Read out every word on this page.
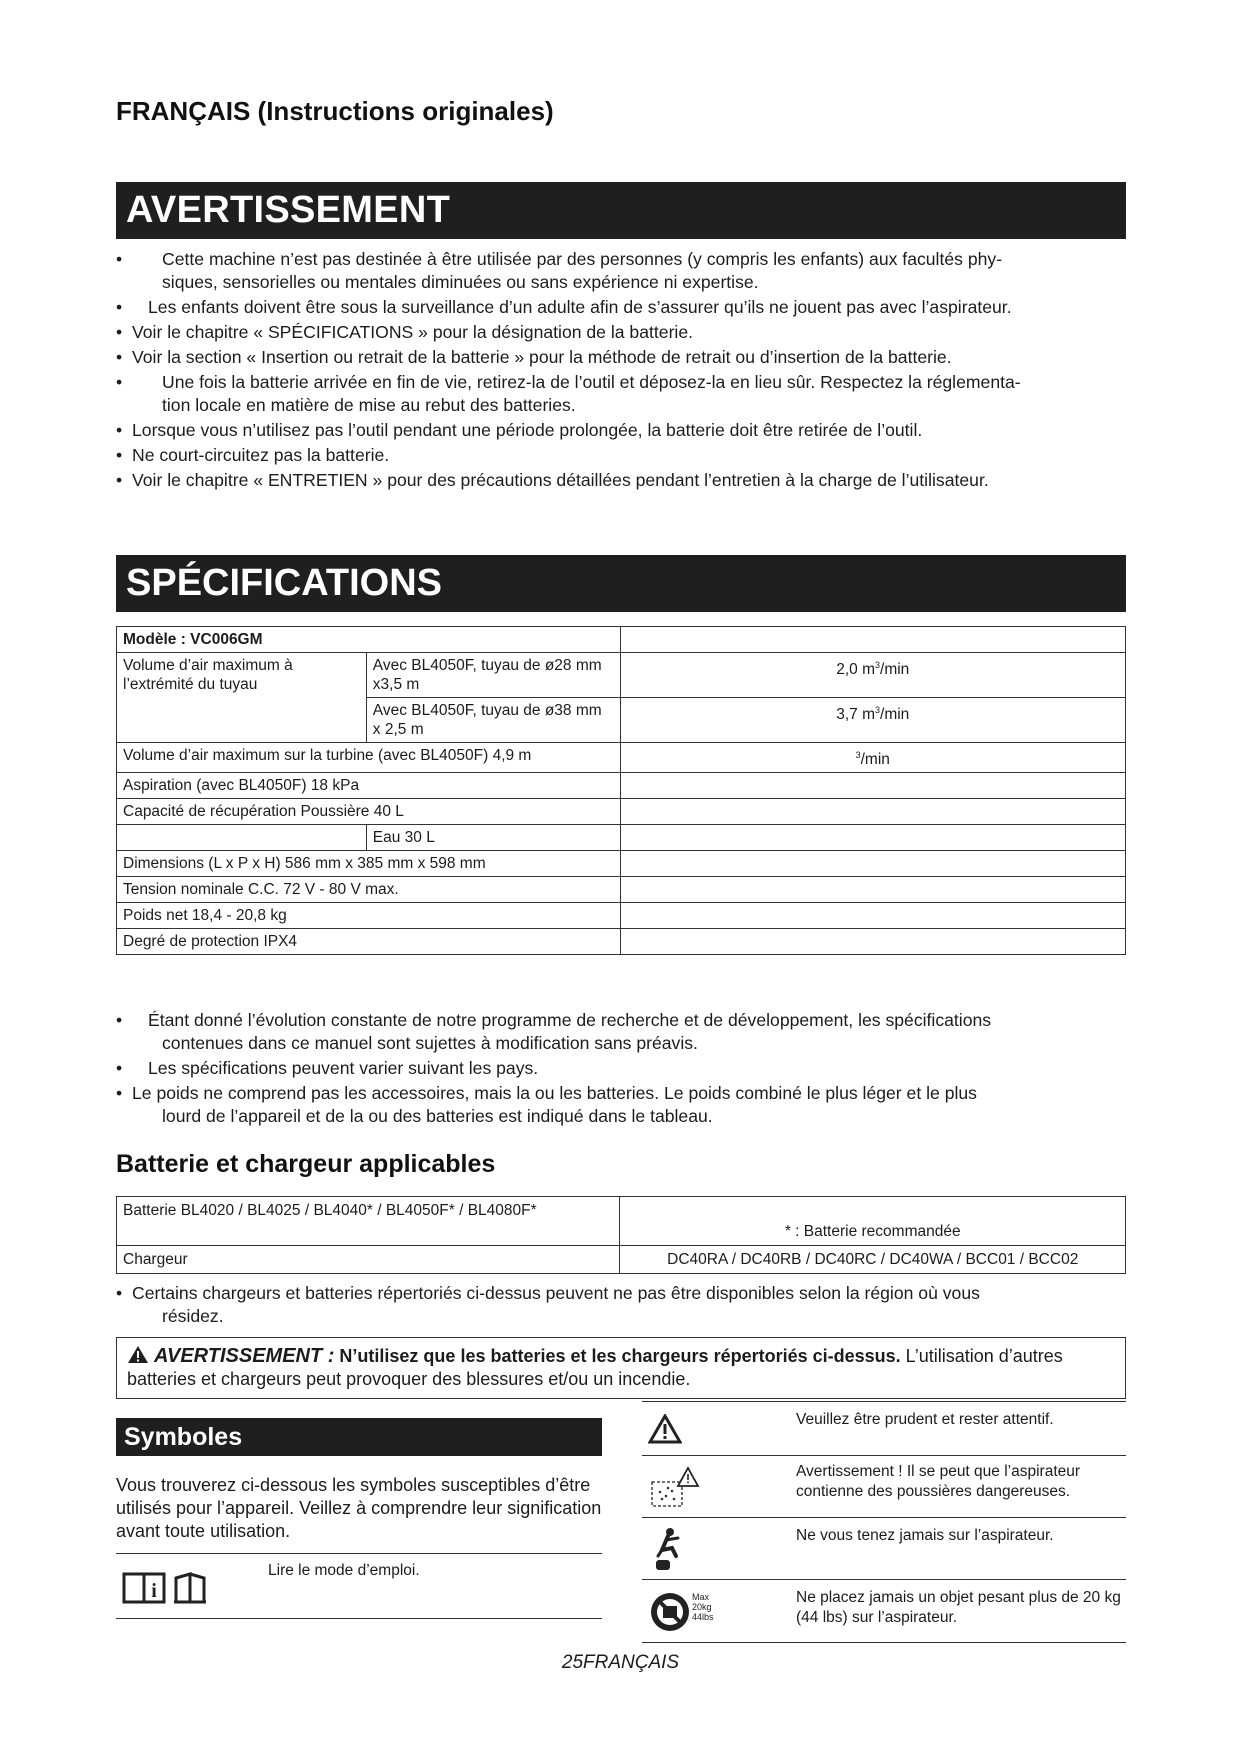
FRANÇAIS (Instructions originales)
AVERTISSEMENT
• Cette machine n’est pas destinée à être utilisée par des personnes (y compris les enfants) aux facultés phy-
siques, sensorielles ou mentales diminuées ou sans expérience ni expertise.
• Les enfants doivent être sous la surveillance d’un adulte afin de s’assurer qu’ils ne jouent pas avec l’aspirateur.
• Voir le chapitre « SPÉCIFICATIONS » pour la désignation de la batterie.
• Voir la section « Insertion ou retrait de la batterie » pour la méthode de retrait ou d’insertion de la batterie.
• Une fois la batterie arrivée en fin de vie, retirez-la de l’outil et déposez-la en lieu sûr. Respectez la réglementa-
tion locale en matière de mise au rebut des batteries.
• Lorsque vous n’utilisez pas l’outil pendant une période prolongée, la batterie doit être retirée de l’outil.
• Ne court-circuitez pas la batterie.
• Voir le chapitre « ENTRETIEN » pour des précautions détaillées pendant l’entretien à la charge de l’utilisateur.
SPÉCIFICATIONS
Modèle : VC006GM		
Volume d’air maximum à l’extrémité du tuyau	Avec BL4050F, tuyau de ø28 mm x3,5 m	2,0 $m^3/\min$
	Avec BL4050F, tuyau de ø38 mm x 2,5 m	3,7 $m^3/\min$
Volume d’air maximum sur la turbine (avec BL4050F) 4,9 m		$^3$/min
Aspiration (avec BL4050F) 18 kPa		
Capacité de récupération Poussière 40 L		
	Eau 30 L	
Dimensions (L x P x H) 586 mm x 385 mm x 598 mm		
Tension nominale C.C. 72 V - 80 V max.		
Poids net 18,4 - 20,8 kg		
Degré de protection IPX4		
• Étant donné l’évolution constante de notre programme de recherche et de développement, les spécifications
contenues dans ce manuel sont sujettes à modification sans préavis.
• Les spécifications peuvent varier suivant les pays.
• Le poids ne comprend pas les accessoires, mais la ou les batteries. Le poids combiné le plus léger et le plus
lourd de l’appareil et de la ou des batteries est indiqué dans le tableau.
Batterie et chargeur applicables
Batterie BL4020 / BL4025 / BL4040* / BL4050F* / BL4080F*	* : Batterie recommandée
Chargeur	DC40RA / DC40RB / DC40RC / DC40WA / BCC01 / BCC02
• Certains chargeurs et batteries répertoriés ci-dessus peuvent ne pas être disponibles selon la région où vous
résidez.
AVERTISSEMENT : N’utilisez que les batteries et les chargeurs répertoriés ci-dessus. L’utilisation d’autres batteries et chargeurs peut provoquer des blessures et/ou un incendie.
Symboles
Vous trouverez ci-dessous les symboles susceptibles d’être utilisés pour l’appareil. Veillez à comprendre leur signification avant toute utilisation.
i
Lire le mode d’emploi.
Veuillez être prudent et rester attentif.
Avertissement ! Il se peut que l’aspirateur contienne des poussières dangereuses.
Ne vous tenez jamais sur l’aspirateur.
Max
20kg
44lbs
Ne placez jamais un objet pesant plus de 20 kg (44 lbs) sur l’aspirateur.
25FRANÇAIS
